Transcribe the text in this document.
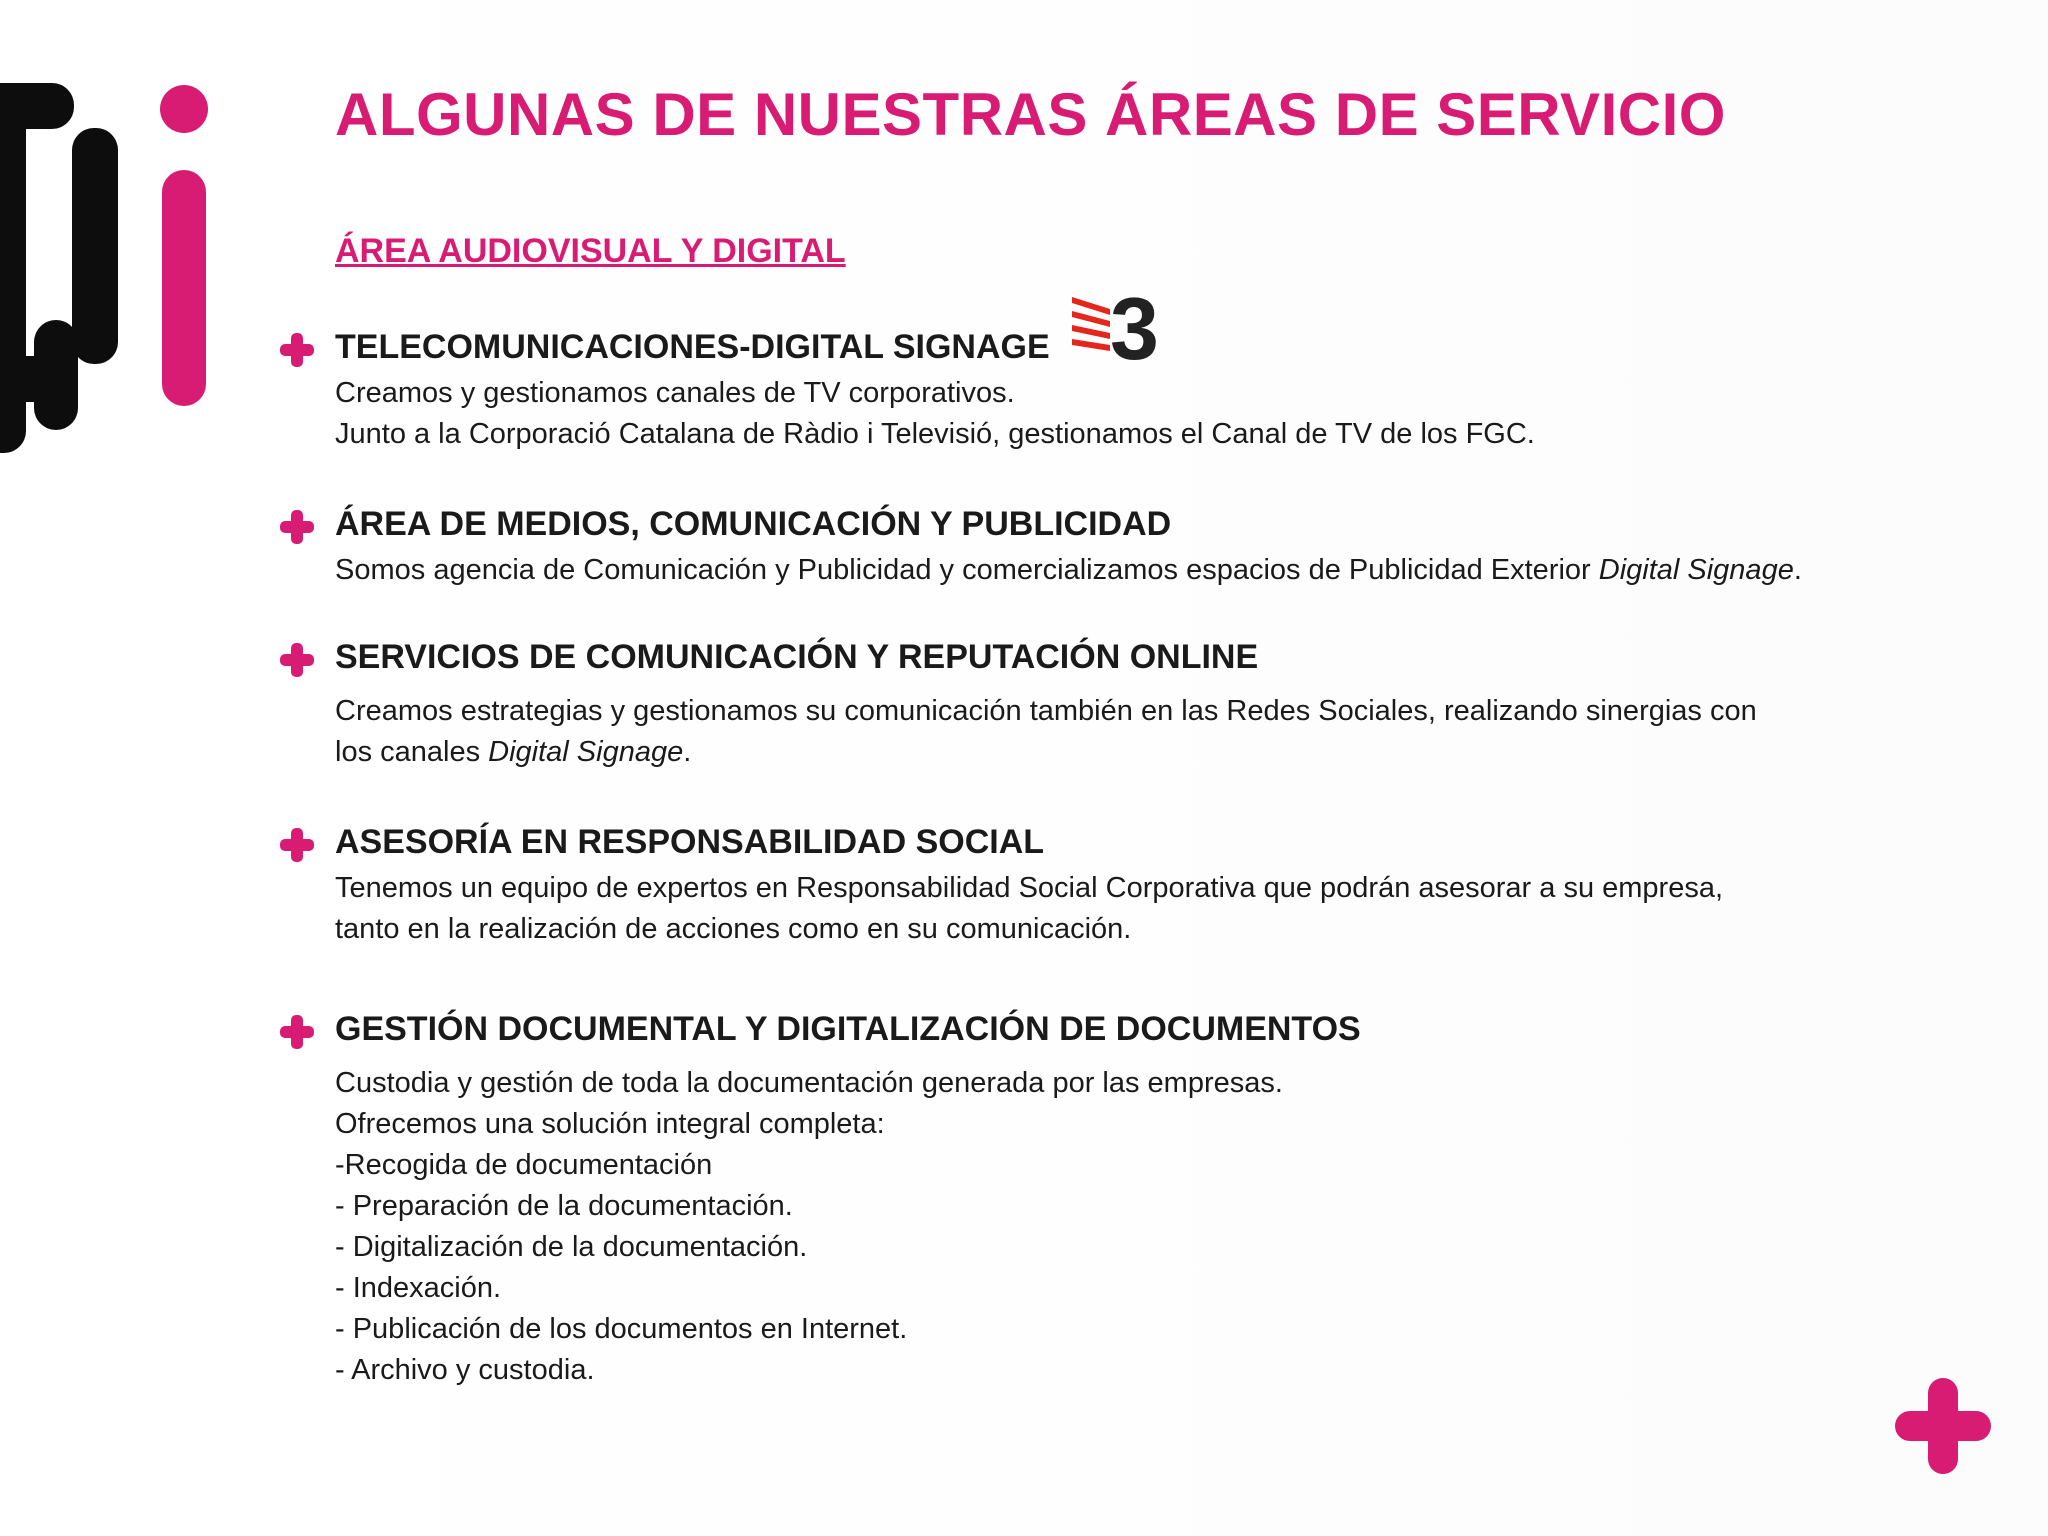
ALGUNAS DE NUESTRAS ÁREAS DE SERVICIO
ÁREA AUDIOVISUAL Y DIGITAL
3
TELECOMUNICACIONES-DIGITAL SIGNAGE
Creamos y gestionamos canales de TV corporativos.
Junto a la Corporació Catalana de Ràdio i Televisió, gestionamos el Canal de TV de los FGC.
ÁREA DE MEDIOS, COMUNICACIÓN Y PUBLICIDAD
Somos agencia de Comunicación y Publicidad y comercializamos espacios de Publicidad Exterior Digital Signage.
SERVICIOS DE COMUNICACIÓN Y REPUTACIÓN ONLINE
Creamos estrategias y gestionamos su comunicación también en las Redes Sociales, realizando sinergias con
los canales Digital Signage.
ASESORÍA EN RESPONSABILIDAD SOCIAL
Tenemos un equipo de expertos en Responsabilidad Social Corporativa que podrán asesorar a su empresa,
tanto en la realización de acciones como en su comunicación.
GESTIÓN DOCUMENTAL Y DIGITALIZACIÓN DE DOCUMENTOS
Custodia y gestión de toda la documentación generada por las empresas.
Ofrecemos una solución integral completa:
-Recogida de documentación
- Preparación de la documentación.
- Digitalización de la documentación.
- Indexación.
- Publicación de los documentos en Internet.
- Archivo y custodia.
